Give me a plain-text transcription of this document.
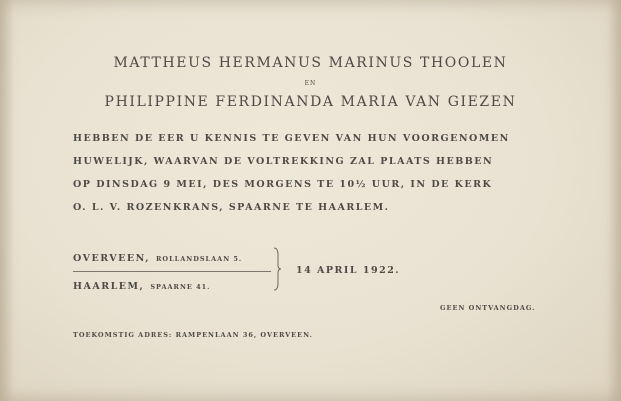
MATTHEUS HERMANUS MARINUS THOOLEN
EN
PHILIPPINE FERDINANDA MARIA VAN GIEZEN
HEBBEN DE EER U KENNIS TE GEVEN VAN HUN VOORGENOMEN
HUWELIJK, WAARVAN DE VOLTREKKING ZAL PLAATS HEBBEN
OP DINSDAG 9 MEI, DES MORGENS TE 10½ UUR, IN DE KERK
O. L. V. ROZENKRANS, SPAARNE TE HAARLEM.
OVERVEEN, ROLLANDSLAAN 5.
HAARLEM, SPAARNE 41.
14 APRIL 1922.
GEEN ONTVANGDAG.
TOEKOMSTIG ADRES: RAMPENLAAN 36, OVERVEEN.
